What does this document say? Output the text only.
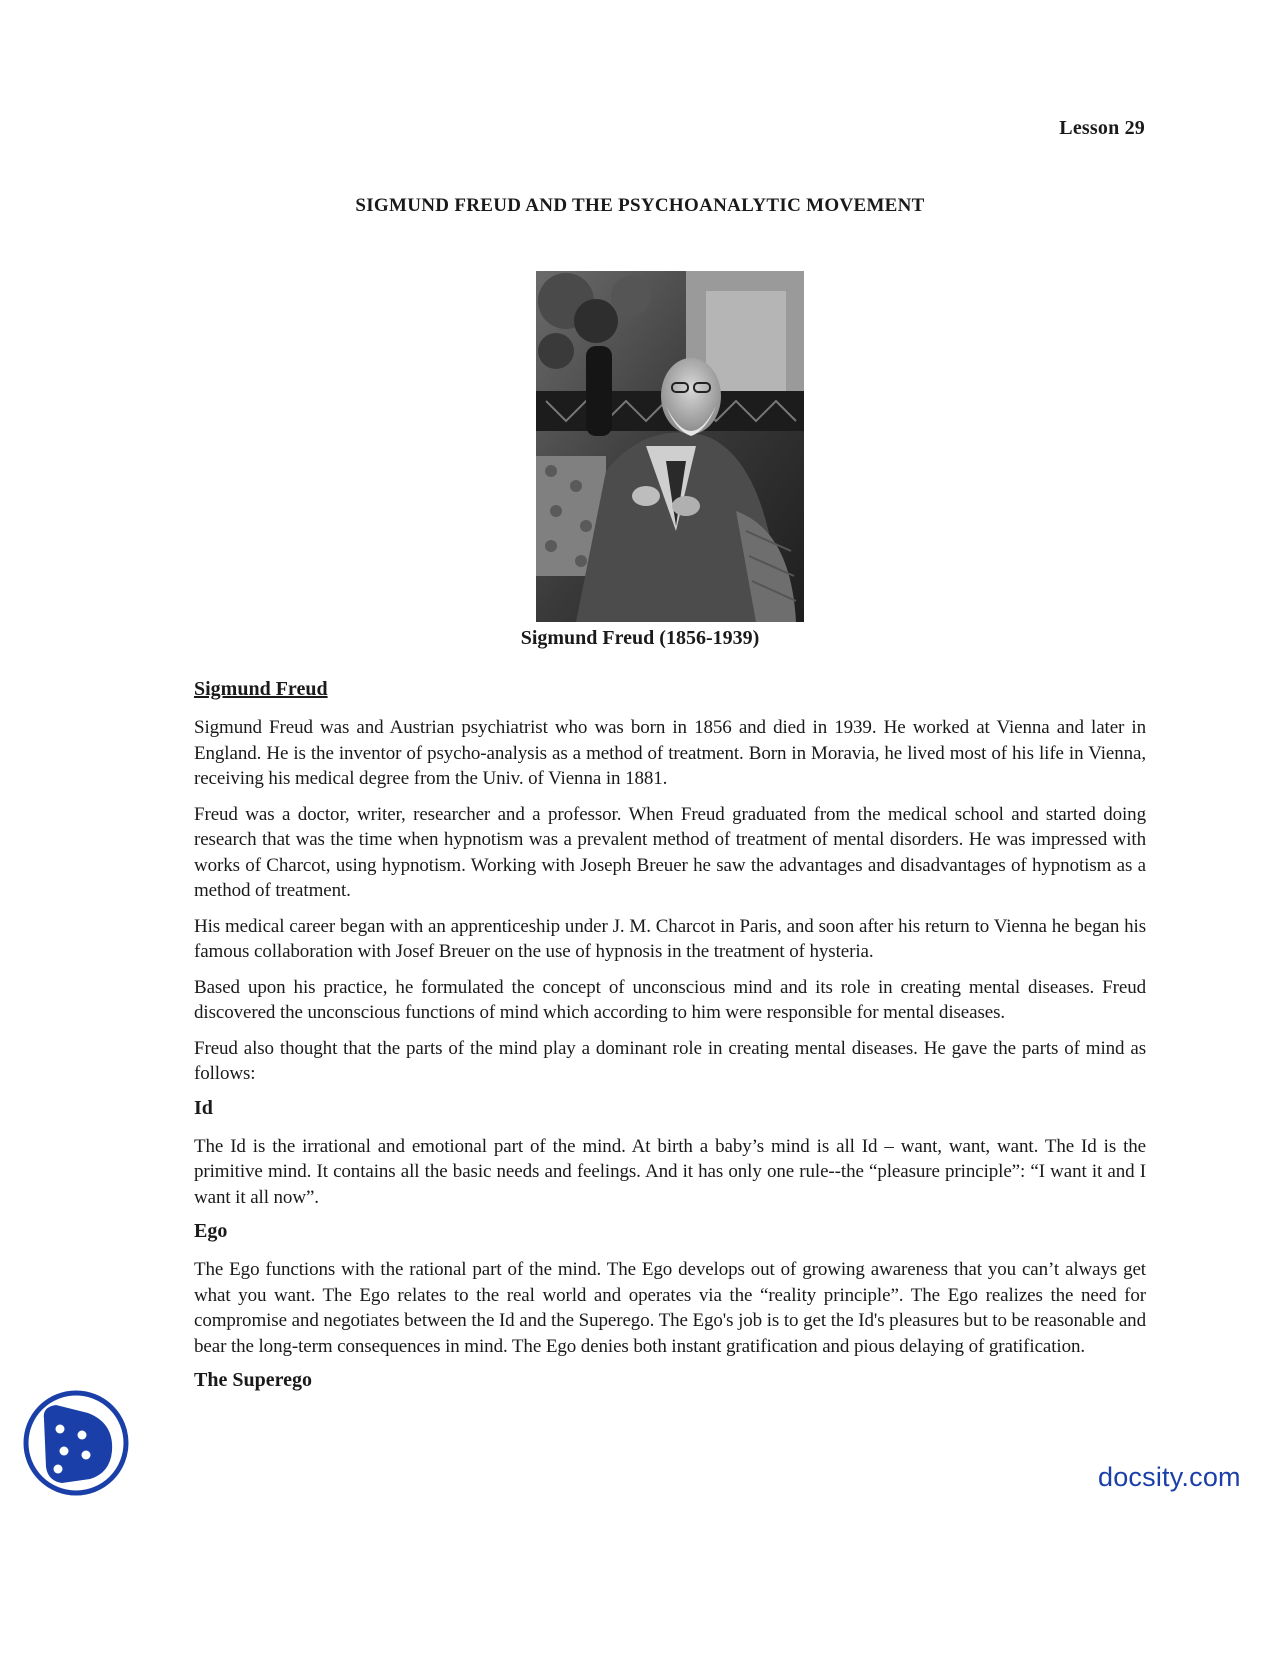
Lesson 29
SIGMUND FREUD AND THE PSYCHOANALYTIC MOVEMENT
Sigmund Freud (1856-1939)
Sigmund Freud

Sigmund Freud was and Austrian psychiatrist who was born in 1856 and died in 1939. He worked at Vienna and later in England. He is the inventor of psycho-analysis as a method of treatment. Born in Moravia, he lived most of his life in Vienna, receiving his medical degree from the Univ. of Vienna in 1881.

Freud was a doctor, writer, researcher and a professor. When Freud graduated from the medical school and started doing research that was the time when hypnotism was a prevalent method of treatment of mental disorders. He was impressed with works of Charcot, using hypnotism. Working with Joseph Breuer he saw the advantages and disadvantages of hypnotism as a method of treatment.

His medical career began with an apprenticeship under J. M. Charcot in Paris, and soon after his return to Vienna he began his famous collaboration with Josef Breuer on the use of hypnosis in the treatment of hysteria.

Based upon his practice, he formulated the concept of unconscious mind and its role in creating mental diseases. Freud discovered the unconscious functions of mind which according to him were responsible for mental diseases.

Freud also thought that the parts of the mind play a dominant role in creating mental diseases. He gave the parts of mind as follows:

Id

The Id is the irrational and emotional part of the mind. At birth a baby’s mind is all Id – want, want, want. The Id is the primitive mind. It contains all the basic needs and feelings. And it has only one rule--the “pleasure principle”: “I want it and I want it all now”.

Ego

The Ego functions with the rational part of the mind. The Ego develops out of growing awareness that you can’t always get what you want. The Ego relates to the real world and operates via the “reality principle”. The Ego realizes the need for compromise and negotiates between the Id and the Superego. The Ego's job is to get the Id's pleasures but to be reasonable and bear the long-term consequences in mind. The Ego denies both instant gratification and pious delaying of gratification.

The Superego
docsity.com
